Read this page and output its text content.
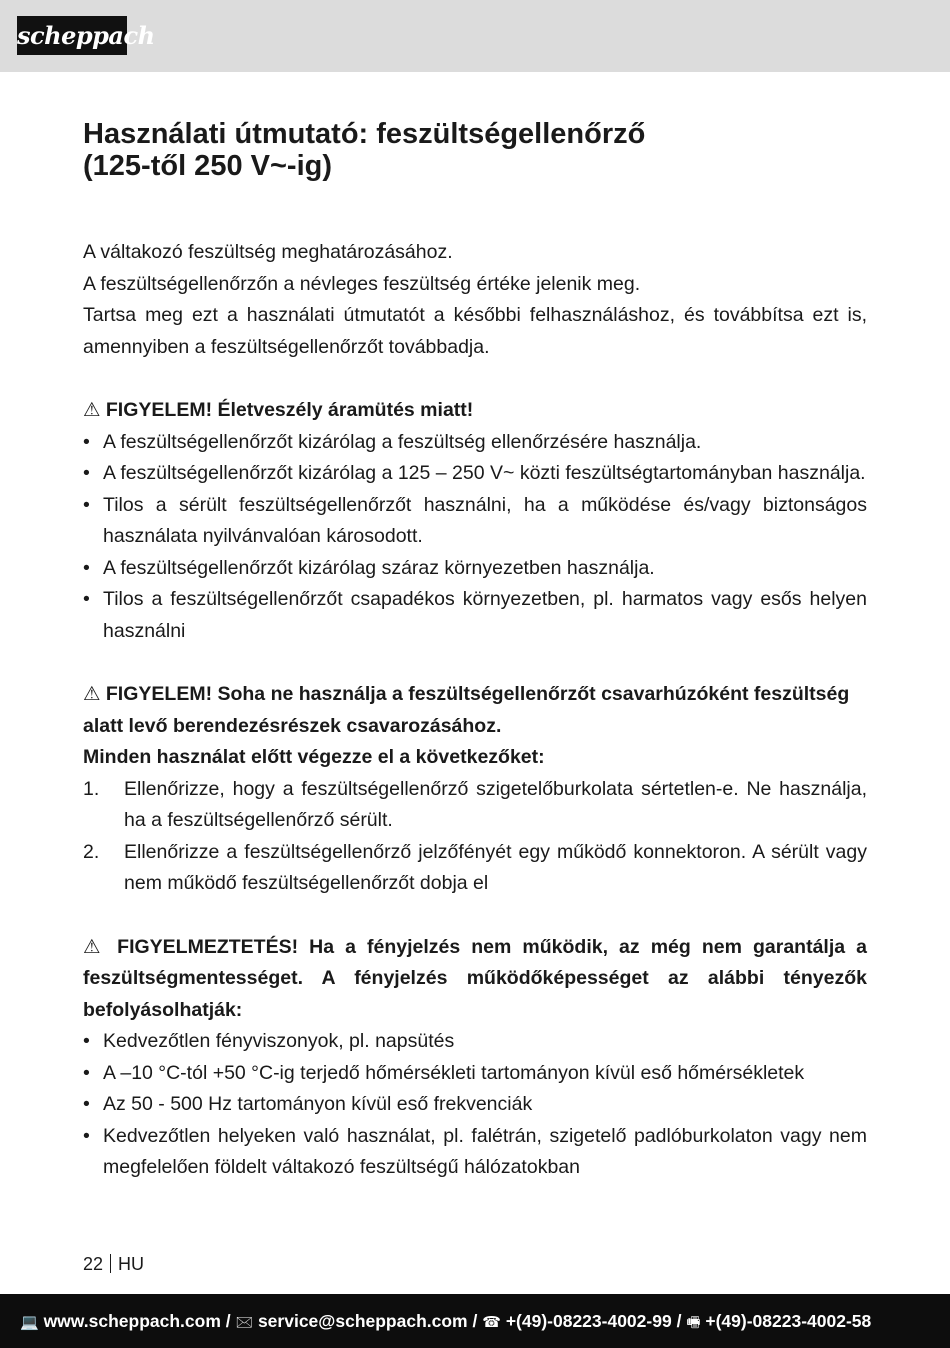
scheppach
Használati útmutató: feszültségellenőrző
(125-től 250 V~-ig)

A váltakozó feszültség meghatározásához.

A feszültségellenőrzőn a névleges feszültség értéke jelenik meg.

Tartsa meg ezt a használati útmutatót a későbbi felhasználáshoz, és továbbítsa ezt is, amennyiben a feszültségellenőrzőt továbbadja.

⚠ FIGYELEM! Életveszély áramütés miatt!

• A feszültségellenőrzőt kizárólag a feszültség ellenőrzésére használja.
• A feszültségellenőrzőt kizárólag a 125 – 250 V~ közti feszültségtartományban használja.
• Tilos a sérült feszültségellenőrzőt használni, ha a működése és/vagy biztonságos használata nyilvánvalóan károsodott.
• A feszültségellenőrzőt kizárólag száraz környezetben használja.
• Tilos a feszültségellenőrzőt csapadékos környezetben, pl. harmatos vagy esős helyen használni

⚠ FIGYELEM! Soha ne használja a feszültségellenőrzőt csavarhúzóként feszültség alatt levő berendezésrészek csavarozásához.

Minden használat előtt végezze el a következőket:

1. Ellenőrizze, hogy a feszültségellenőrző szigetelőburkolata sértetlen-e. Ne használja, ha a feszültségellenőrző sérült.
2. Ellenőrizze a feszültségellenőrző jelzőfényét egy működő konnektoron. A sérült vagy nem működő feszültségellenőrzőt dobja el

⚠ FIGYELMEZTETÉS! Ha a fényjelzés nem működik, az még nem garantálja a feszültségmentességet. A fényjelzés működőképességet az alábbi tényezők befolyásolhatják:

• Kedvezőtlen fényviszonyok, pl. napsütés
• A –10 °C-tól +50 °C-ig terjedő hőmérsékleti tartományon kívül eső hőmérsékletek
• Az 50 - 500 Hz tartományon kívül eső frekvenciák
• Kedvezőtlen helyeken való használat, pl. falétrán, szigetelő padlóburkolaton vagy nem megfelelően földelt váltakozó feszültségű hálózatokban
22 HU
💻 www.scheppach.com / 🖂 service@scheppach.com / ☎ +(49)-08223-4002-99 / 🖷 +(49)-08223-4002-58
